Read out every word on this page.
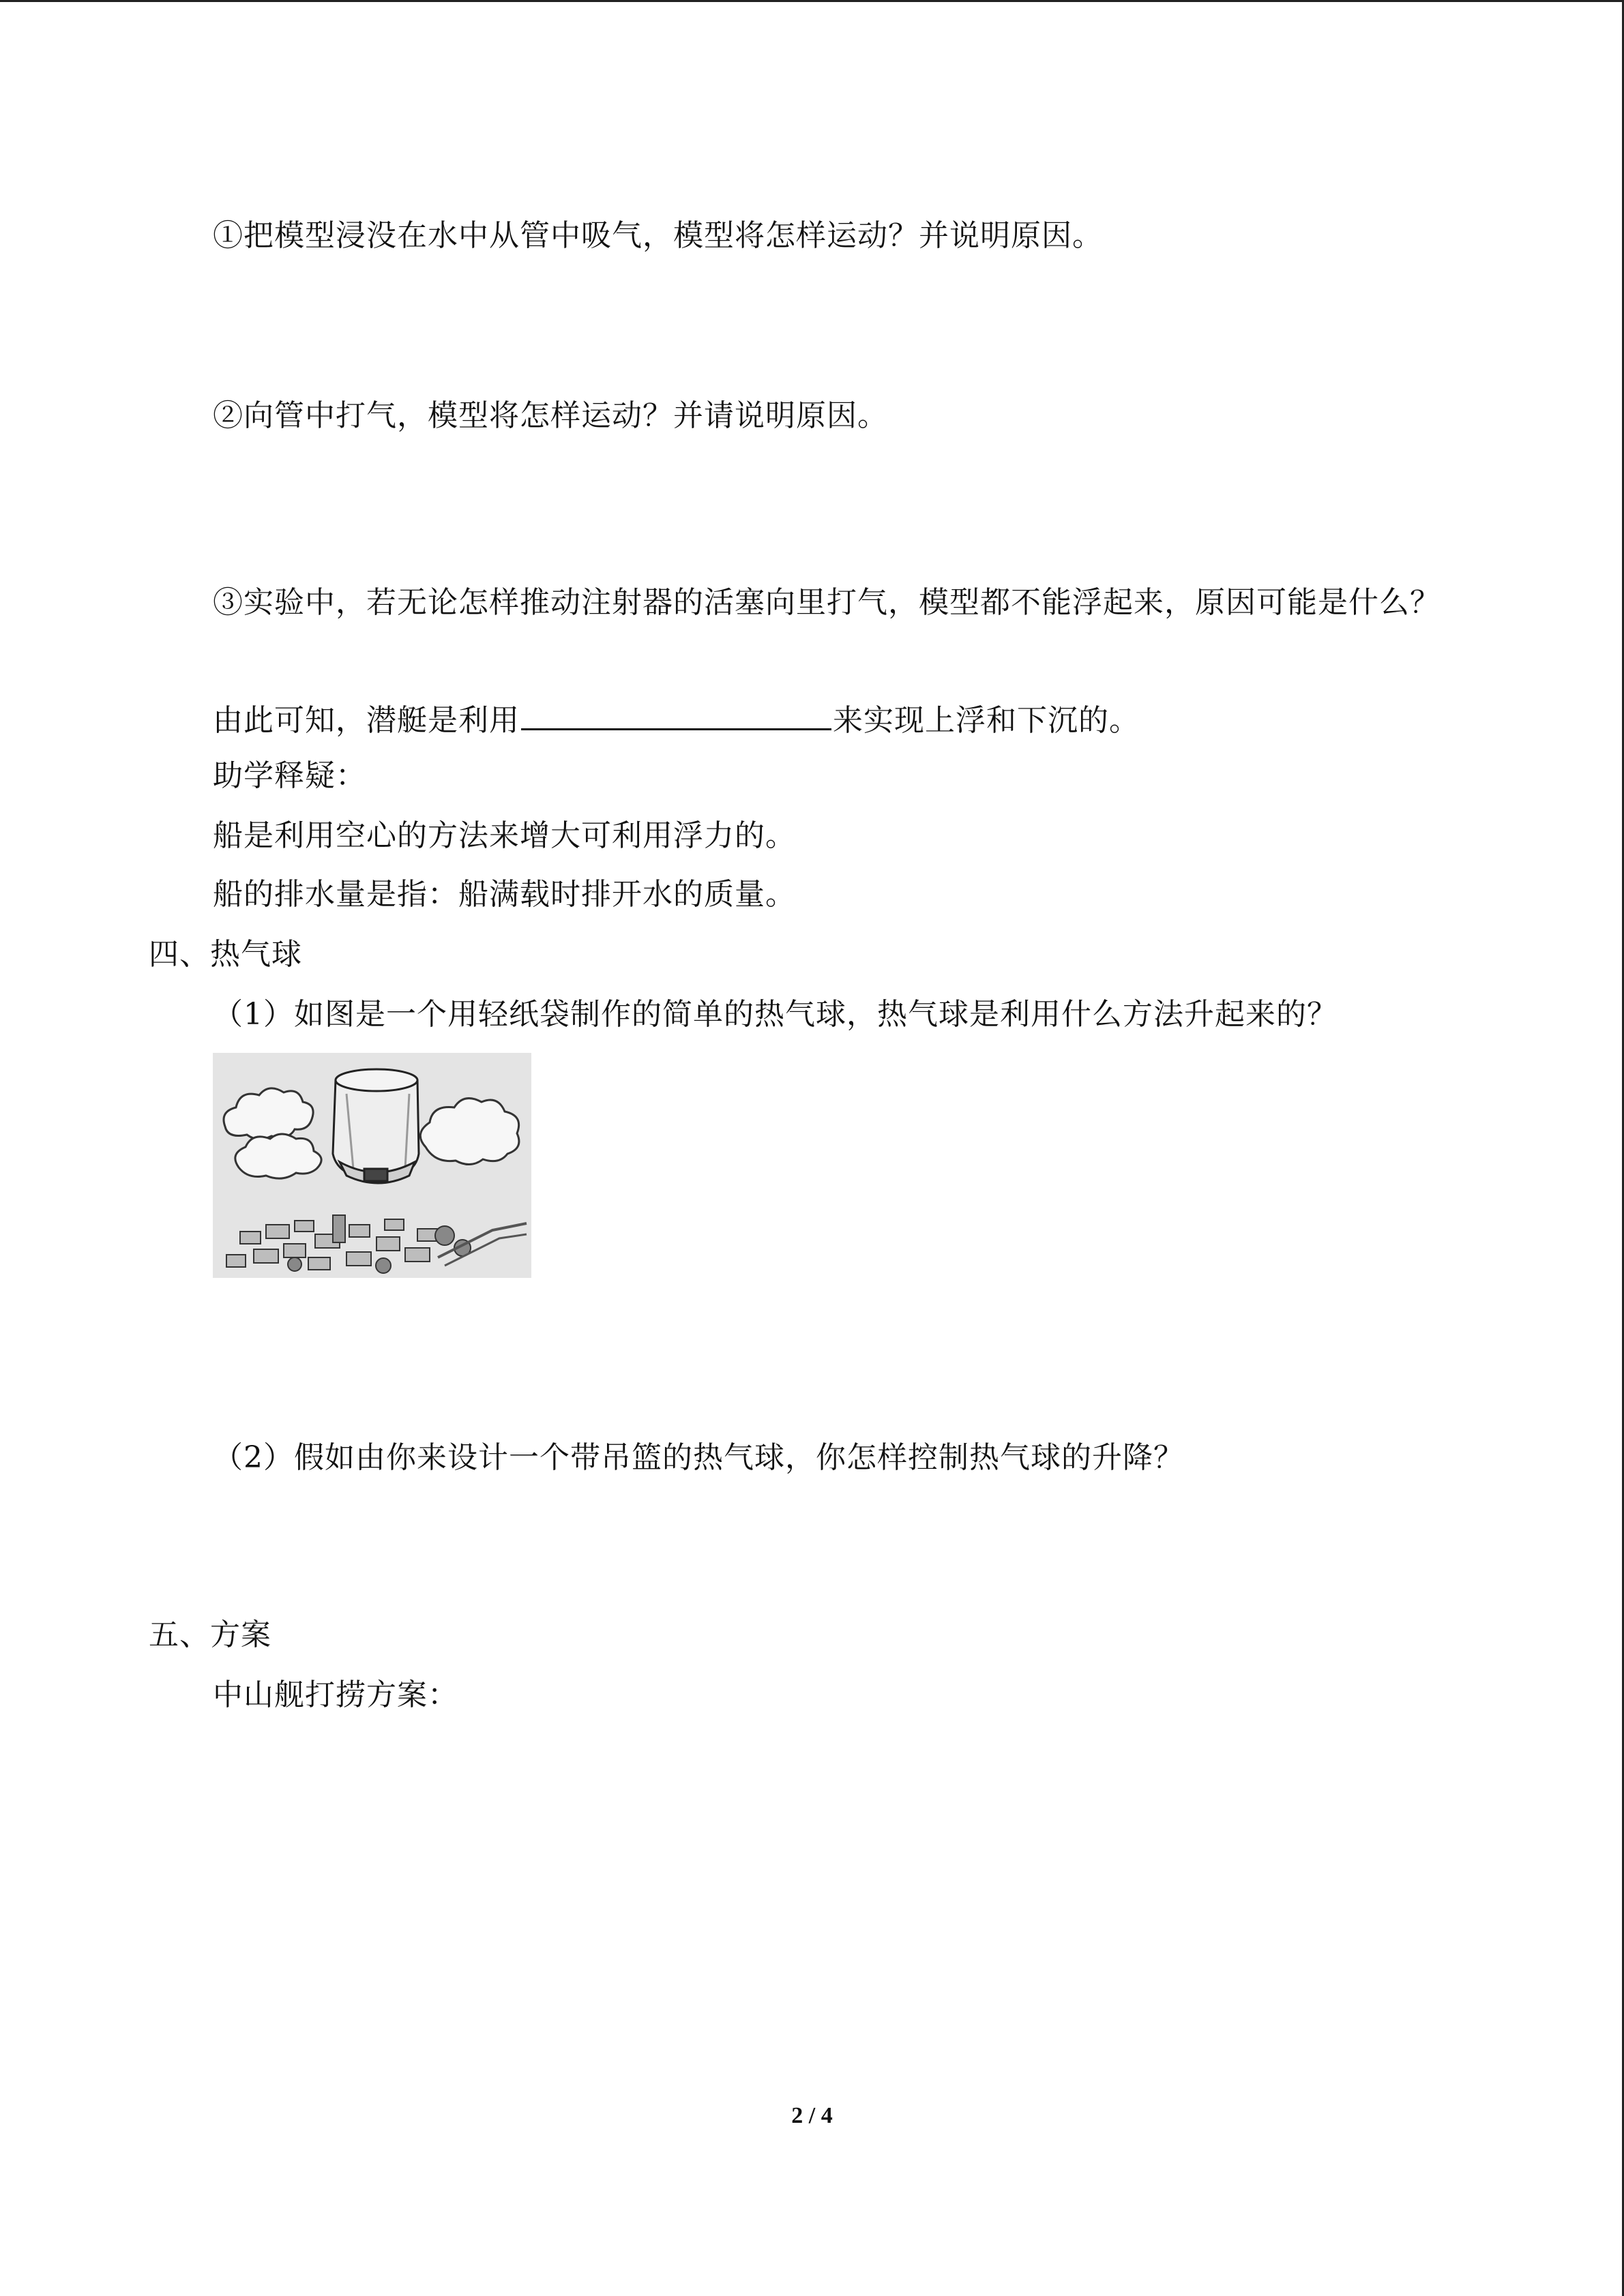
①把模型浸没在水中从管中吸气，模型将怎样运动？并说明原因。
②向管中打气，模型将怎样运动？并请说明原因。
③实验中，若无论怎样推动注射器的活塞向里打气，模型都不能浮起来，原因可能是什么？
由此可知，潜艇是利用	来实现上浮和下沉的。
助学释疑：
船是利用空心的方法来增大可利用浮力的。
船的排水量是指：船满载时排开水的质量。
四、热气球
（1）如图是一个用轻纸袋制作的简单的热气球，热气球是利用什么方法升起来的？
（2）假如由你来设计一个带吊篮的热气球，你怎样控制热气球的升降？
五、方案
中山舰打捞方案：
2 / 4
